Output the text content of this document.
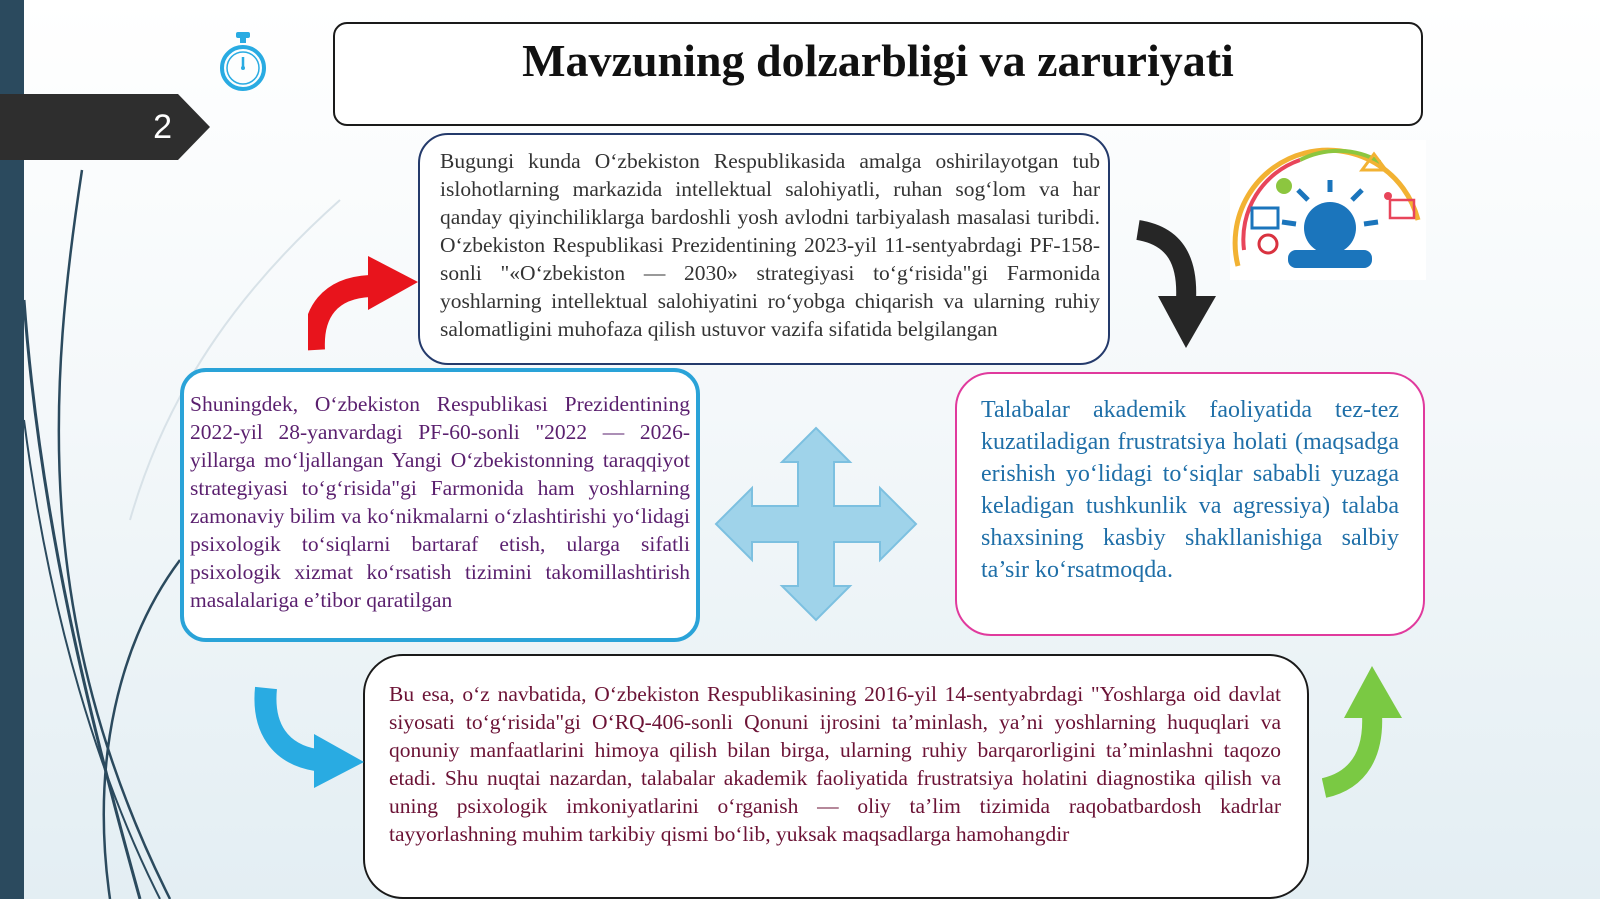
2
Mavzuning dolzarbligi va zaruriyati
Bugungi kunda O‘zbekiston Respublikasida amalga oshirilayotgan tub islohotlarning markazida intellektual salohiyatli, ruhan sog‘lom va har qanday qiyinchiliklarga bardoshli yosh avlodni tarbiyalash masalasi turibdi. O‘zbekiston Respublikasi Prezidentining 2023-yil 11-sentyabrdagi PF-158-sonli "«O‘zbekiston — 2030» strategiyasi to‘g‘risida"gi Farmonida yoshlarning intellektual salohiyatini ro‘yobga chiqarish va ularning ruhiy salomatligini muhofaza qilish ustuvor vazifa sifatida belgilangan
Shuningdek, O‘zbekiston Respublikasi Prezidentining 2022-yil 28-yanvardagi PF-60-sonli "2022 — 2026-yillarga mo‘ljallangan Yangi O‘zbekistonning taraqqiyot strategiyasi to‘g‘risida"gi Farmonida ham yoshlarning zamonaviy bilim va ko‘nikmalarni o‘zlashtirishi yo‘lidagi psixologik to‘siqlarni bartaraf etish, ularga sifatli psixologik xizmat ko‘rsatish tizimini takomillashtirish masalalariga e’tibor qaratilgan
Talabalar akademik faoliyatida tez-tez kuzatiladigan frustratsiya holati (maqsadga erishish yo‘lidagi to‘siqlar sababli yuzaga keladigan tushkunlik va agressiya) talaba shaxsining kasbiy shakllanishiga salbiy ta’sir ko‘rsatmoqda.
Bu esa, o‘z navbatida, O‘zbekiston Respublikasining 2016-yil 14-sentyabrdagi "Yoshlarga oid davlat siyosati to‘g‘risida"gi O‘RQ-406-sonli Qonuni ijrosini ta’minlash, ya’ni yoshlarning huquqlari va qonuniy manfaatlarini himoya qilish bilan birga, ularning ruhiy barqarorligini ta’minlashni taqozo etadi. Shu nuqtai nazardan, talabalar akademik faoliyatida frustratsiya holatini diagnostika qilish va uning psixologik imkoniyatlarini o‘rganish — oliy ta’lim tizimida raqobatbardosh kadrlar tayyorlashning muhim tarkibiy qismi bo‘lib, yuksak maqsadlarga hamohangdir
